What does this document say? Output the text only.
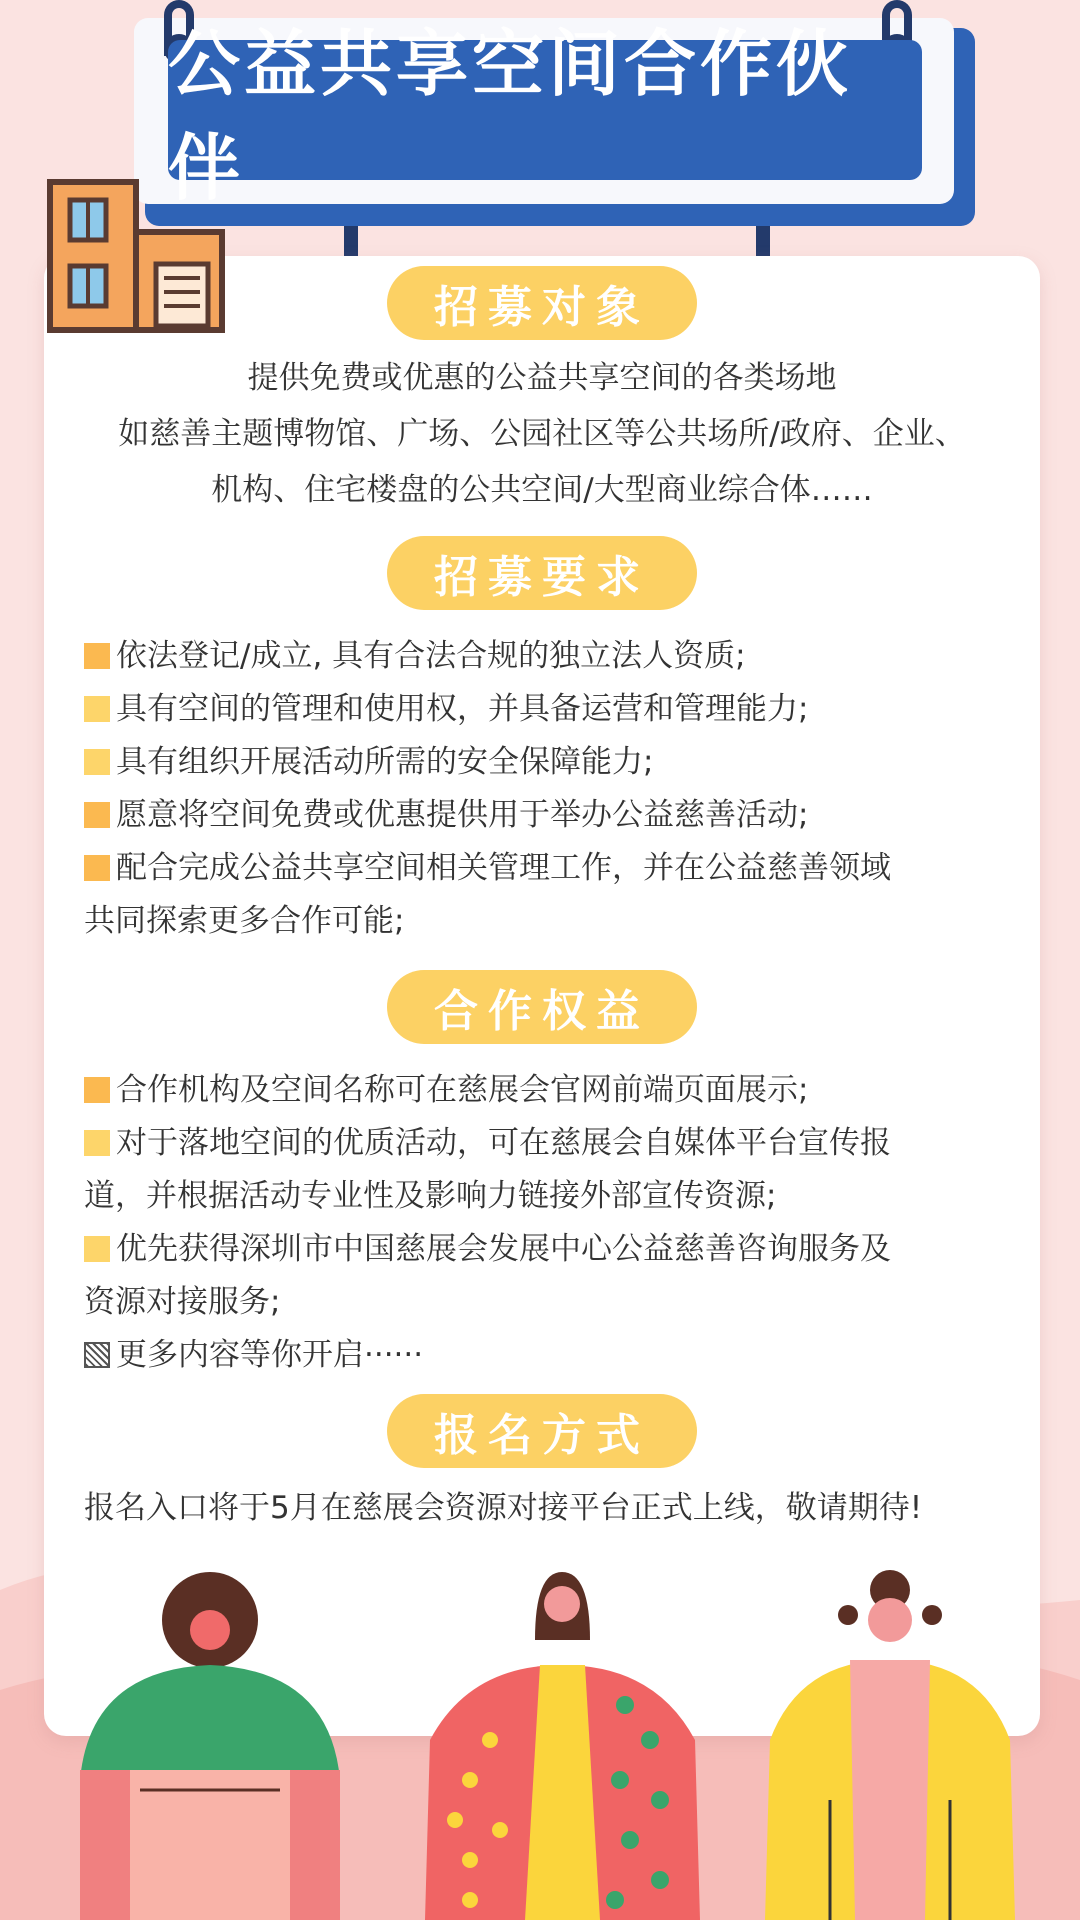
公益共享空间合作伙伴
招募对象
提供免费或优惠的公益共享空间的各类场地
如慈善主题博物馆、广场、公园社区等公共场所/政府、企业、
机构、住宅楼盘的公共空间/大型商业综合体……
招募要求

依法登记/成立, 具有合法合规的独立法人资质;

具有空间的管理和使用权，并具备运营和管理能力;

具有组织开展活动所需的安全保障能力;

愿意将空间免费或优惠提供用于举办公益慈善活动;

配合完成公益共享空间相关管理工作，并在公益慈善领域

共同探索更多合作可能;

合作权益

合作机构及空间名称可在慈展会官网前端页面展示;

对于落地空间的优质活动，可在慈展会自媒体平台宣传报

道，并根据活动专业性及影响力链接外部宣传资源;

优先获得深圳市中国慈展会发展中心公益慈善咨询服务及

资源对接服务;

更多内容等你开启······

报名方式

报名入口将于5月在慈展会资源对接平台正式上线，敬请期待!
